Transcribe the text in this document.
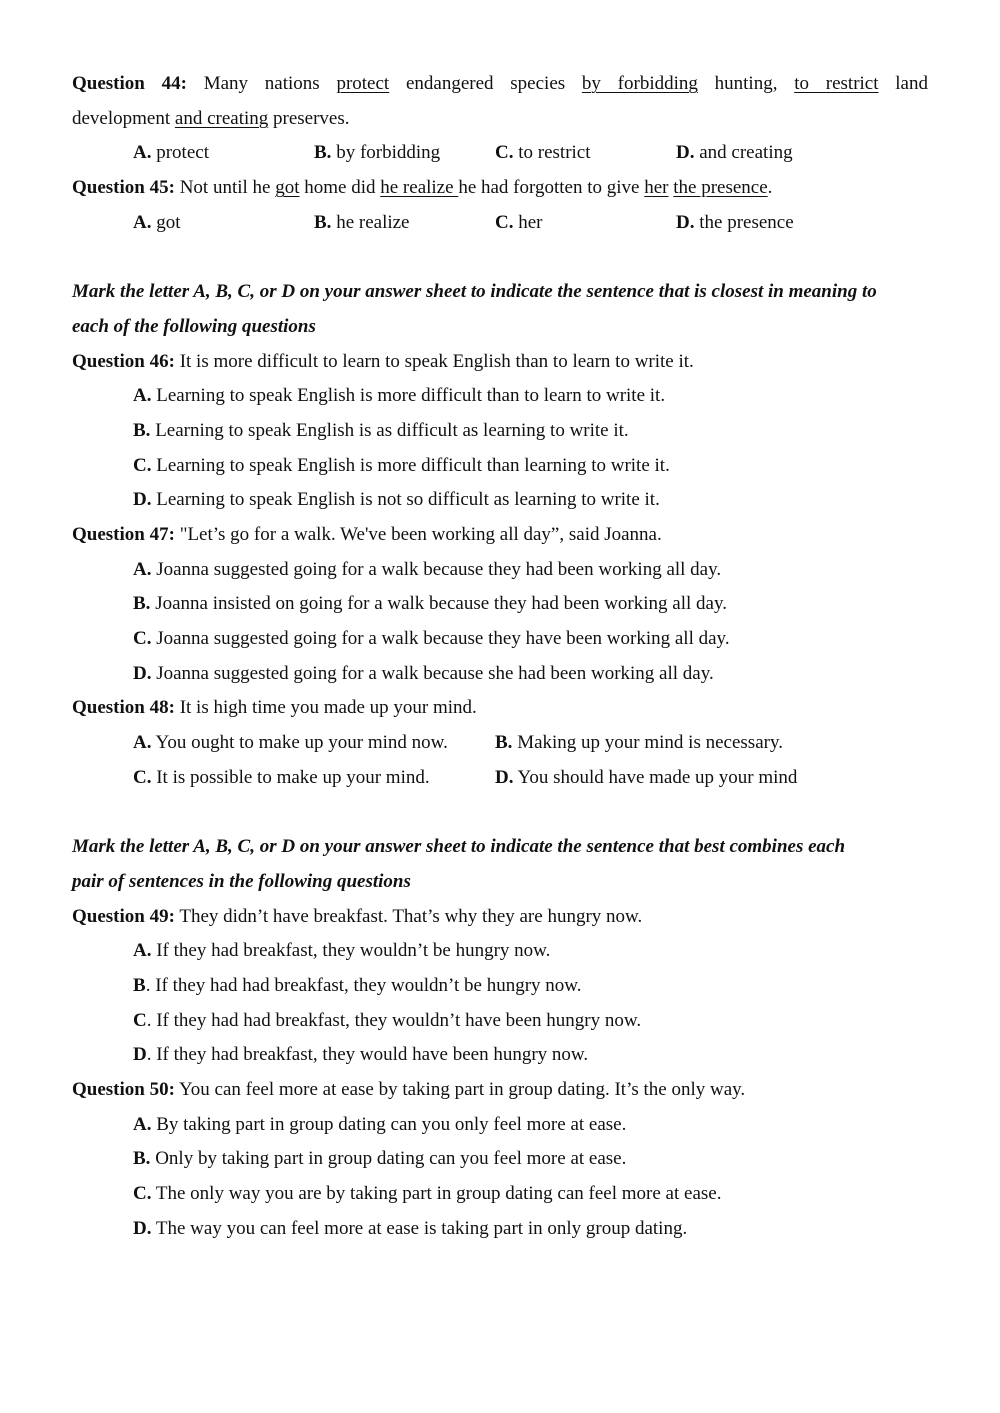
Question 44: Many nations protect endangered species by forbidding hunting, to restrict land
development and creating preserves.
A. protect	B. by forbidding	C. to restrict	D. and creating
Question 45: Not until he got home did he realize he had forgotten to give her the presence.
A. got	B. he realize	C. her	D. the presence
Mark the letter A, B, C, or D on your answer sheet to indicate the sentence that is closest in meaning to
each of the following questions
Question 46: It is more difficult to learn to speak English than to learn to write it.
A. Learning to speak English is more difficult than to learn to write it.
B. Learning to speak English is as difficult as learning to write it.
C. Learning to speak English is more difficult than learning to write it.
D. Learning to speak English is not so difficult as learning to write it.
Question 47: "Let’s go for a walk. We've been working all day”, said Joanna.
A. Joanna suggested going for a walk because they had been working all day.
B. Joanna insisted on going for a walk because they had been working all day.
C. Joanna suggested going for a walk because they have been working all day.
D. Joanna suggested going for a walk because she had been working all day.
Question 48: It is high time you made up your mind.
A. You ought to make up your mind now.	B. Making up your mind is necessary.
C. It is possible to make up your mind.	D. You should have made up your mind
Mark the letter A, B, C, or D on your answer sheet to indicate the sentence that best combines each
pair of sentences in the following questions
Question 49: They didn’t have breakfast. That’s why they are hungry now.
A. If they had breakfast, they wouldn’t be hungry now.
B. If they had had breakfast, they wouldn’t be hungry now.
C. If they had had breakfast, they wouldn’t have been hungry now.
D. If they had breakfast, they would have been hungry now.
Question 50: You can feel more at ease by taking part in group dating. It’s the only way.
A. By taking part in group dating can you only feel more at ease.
B. Only by taking part in group dating can you feel more at ease.
C. The only way you are by taking part in group dating can feel more at ease.
D. The way you can feel more at ease is taking part in only group dating.
